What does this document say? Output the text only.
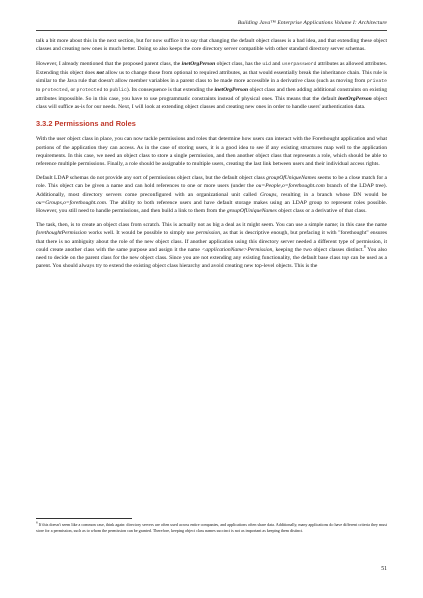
Building Java™ Enterprise Applications Volume I: Architecture

talk a bit more about this in the next section, but for now suffice it to say that changing the default object classes is a bad idea, and that extending these object classes and creating new ones is much better. Doing so also keeps the core directory server compatible with other standard directory server schemas.

However, I already mentioned that the proposed parent class, the inetOrgPerson object class, has the uid and userpassword attributes as allowed attributes. Extending this object does not allow us to change those from optional to required attributes, as that would essentially break the inheritance chain. This rule is similar to the Java rule that doesn't allow member variables in a parent class to be made more accessible in a derivative class (such as moving from private to protected, or protected to public). Its consequence is that extending the inetOrgPerson object class and then adding additional constraints on existing attributes impossible. So in this case, you have to use programmatic constraints instead of physical ones. This means that the default inetOrgPerson object class will suffice as-is for our needs. Next, I will look at extending object classes and creating new ones in order to handle users' authentication data.

3.3.2 Permissions and Roles

With the user object class in place, you can now tackle permissions and roles that determine how users can interact with the Forethought application and what portions of the application they can access. As in the case of storing users, it is a good idea to see if any existing structures map well to the application requirements. In this case, we need an object class to store a single permission, and then another object class that represents a role, which should be able to reference multiple permissions. Finally, a role should be assignable to multiple users, creating the last link between users and their individual access rights.

Default LDAP schemas do not provide any sort of permissions object class, but the default object class groupOfUniqueNames seems to be a close match for a role. This object can be given a name and can hold references to one or more users (under the ou=People,o=forethought.com branch of the LDAP tree). Additionally, most directory servers come preconfigured with an organizational unit called Groups, resulting in a branch whose DN would be ou=Groups,o=forethought.com. The ability to both reference users and have default storage makes using an LDAP group to represent roles possible. However, you still need to handle permissions, and then build a link to them from the groupOfUniqueNames object class or a derivative of that class.

The task, then, is to create an object class from scratch. This is actually not as big a deal as it might seem. You can use a simple name; in this case the name forethoughtPermission works well. It would be possible to simply use permission, as that is descriptive enough, but prefacing it with "forethought" ensures that there is no ambiguity about the role of the new object class. If another application using this directory server needed a different type of permission, it could create another class with the same purpose and assign it the name <applicationName>Permission, keeping the two object classes distinct.$^8$ You also need to decide on the parent class for the new object class. Since you are not extending any existing functionality, the default base class top can be used as a parent. You should always try to extend the existing object class hierarchy and avoid creating new top-level objects. This is the

$^8$ If this doesn't seem like a common case, think again: directory servers are often used across entire companies, and applications often share data. Additionally, many applications do have different criteria they must store for a permission, such as to whom the permission can be granted. Therefore, keeping object class names succinct is not as important as keeping them distinct.
51
